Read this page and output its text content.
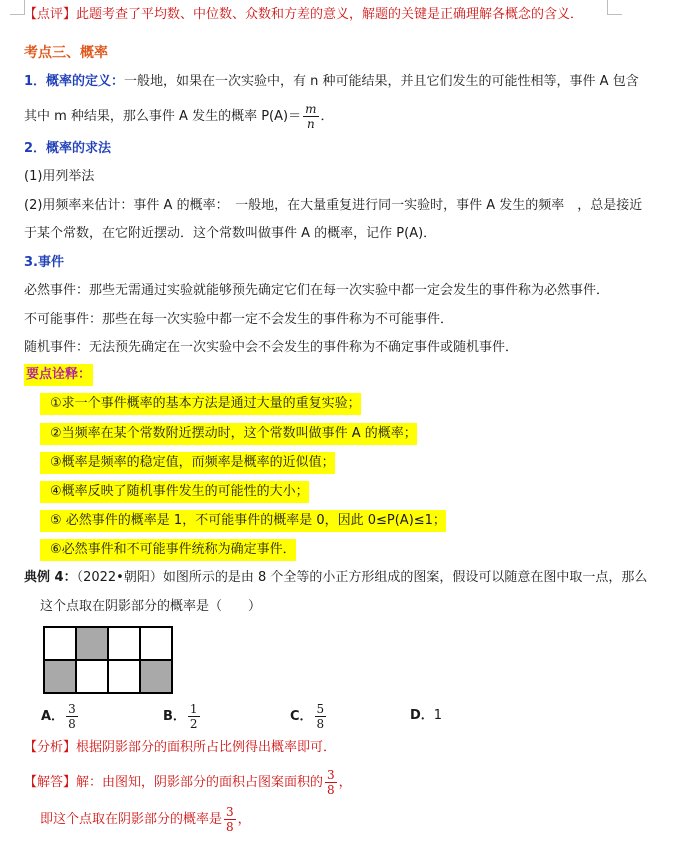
【点评】此题考查了平均数、中位数、众数和方差的意义，解题的关键是正确理解各概念的含义．
考点三、概率
1．概率的定义：一般地，如果在一次实验中，有 n 种可能结果，并且它们发生的可能性相等，事件 A 包含
其中 m 种结果，那么事件 A 发生的概率 $P(A)= \frac{m}{n}$ ．
2．概率的求法
(1)用列举法
(2)用频率来估计：事件 A 的概率：　一般地，在大量重复进行同一实验时，事件 A 发生的频率　，总是接近
于某个常数，在它附近摆动．这个常数叫做事件 A 的概率，记作 P(A)．
3.事件
必然事件：那些无需通过实验就能够预先确定它们在每一次实验中都一定会发生的事件称为必然事件．
不可能事件：那些在每一次实验中都一定不会发生的事件称为不可能事件．
随机事件：无法预先确定在一次实验中会不会发生的事件称为不确定事件或随机事件．
要点诠释：
①求一个事件概率的基本方法是通过大量的重复实验；
②当频率在某个常数附近摆动时，这个常数叫做事件 A 的概率；
③概率是频率的稳定值，而频率是概率的近似值；
④概率反映了随机事件发生的可能性的大小；
⑤ 必然事件的概率是 1，不可能事件的概率是 0，因此 0≤P(A)≤1；
⑥必然事件和不可能事件统称为确定事件．
典例 4：（2022•朝阳）如图所示的是由 8 个全等的小正方形组成的图案，假设可以随意在图中取一点，那么
这个点取在阴影部分的概率是（　　）
A． $\frac{3}{8}$	B． $\frac{1}{2}$	C． $\frac{5}{8}$	D．1
【分析】根据阴影部分的面积所占比例得出概率即可．
【解答】解：由图知，阴影部分的面积占图案面积的 $\frac{3}{8}$ ，
即这个点取在阴影部分的概率是 $\frac{3}{8}$ ，
